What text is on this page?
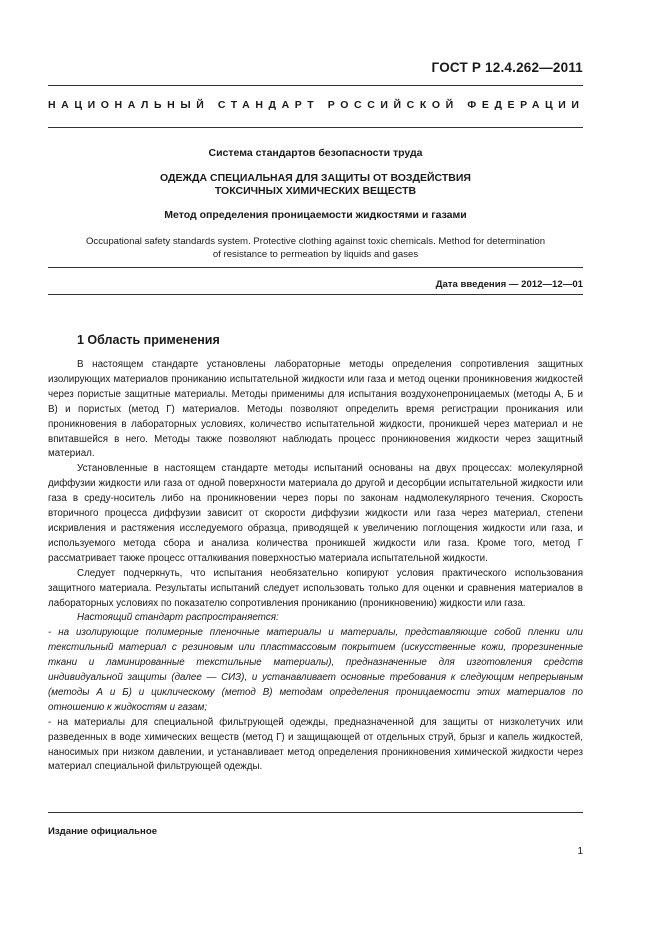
ГОСТ Р 12.4.262—2011
НАЦИОНАЛЬНЫЙ СТАНДАРТ РОССИЙСКОЙ ФЕДЕРАЦИИ
Система стандартов безопасности труда
ОДЕЖДА СПЕЦИАЛЬНАЯ ДЛЯ ЗАЩИТЫ ОТ ВОЗДЕЙСТВИЯ
ТОКСИЧНЫХ ХИМИЧЕСКИХ ВЕЩЕСТВ
Метод определения проницаемости жидкостями и газами
Occupational safety standards system. Protective clothing against toxic chemicals. Method for determination
of resistance to permeation by liquids and gases
Дата введения — 2012—12—01
1 Область применения

В настоящем стандарте установлены лабораторные методы определения сопротивления защитных изолирующих материалов прониканию испытательной жидкости или газа и метод оценки проникновения жидкостей через пористые защитные материалы. Методы применимы для испытания воздухонепроницаемых (методы А, Б и В) и пористых (метод Г) материалов. Методы позволяют определить время регистрации проникания или проникновения в лабораторных условиях, количество испытательной жидкости, проникшей через материал и не впитавшейся в него. Методы также позволяют наблюдать процесс проникновения жидкости через защитный материал.

Установленные в настоящем стандарте методы испытаний основаны на двух процессах: молекулярной диффузии жидкости или газа от одной поверхности материала до другой и десорбции испытательной жидкости или газа в среду-носитель либо на проникновении через поры по законам надмолекулярного течения. Скорость вторичного процесса диффузии зависит от скорости диффузии жидкости или газа через материал, степени искривления и растяжения исследуемого образца, приводящей к увеличению поглощения жидкости или газа, и используемого метода сбора и анализа количества проникшей жидкости или газа. Кроме того, метод Г рассматривает также процесс отталкивания поверхностью материала испытательной жидкости.

Следует подчеркнуть, что испытания необязательно копируют условия практического использования защитного материала. Результаты испытаний следует использовать только для оценки и сравнения материалов в лабораторных условиях по показателю сопротивления прониканию (проникновению) жидкости или газа.

Настоящий стандарт распространяется:

- на изолирующие полимерные пленочные материалы и материалы, представляющие собой пленки или текстильный материал с резиновым или пластмассовым покрытием (искусственные кожи, прорезиненные ткани и ламинированные текстильные материалы), предназначенные для изготовления средств индивидуальной защиты (далее — СИЗ), и устанавливает основные требования к следующим непрерывным (методы А и Б) и циклическому (метод В) методам определения проницаемости этих материалов по отношению к жидкостям и газам;

- на материалы для специальной фильтрующей одежды, предназначенной для защиты от низколетучих или разведенных в воде химических веществ (метод Г) и защищающей от отдельных струй, брызг и капель жидкостей, наносимых при низком давлении, и устанавливает метод определения проникновения химической жидкости через материал специальной фильтрующей одежды.

Издание официальное
1
